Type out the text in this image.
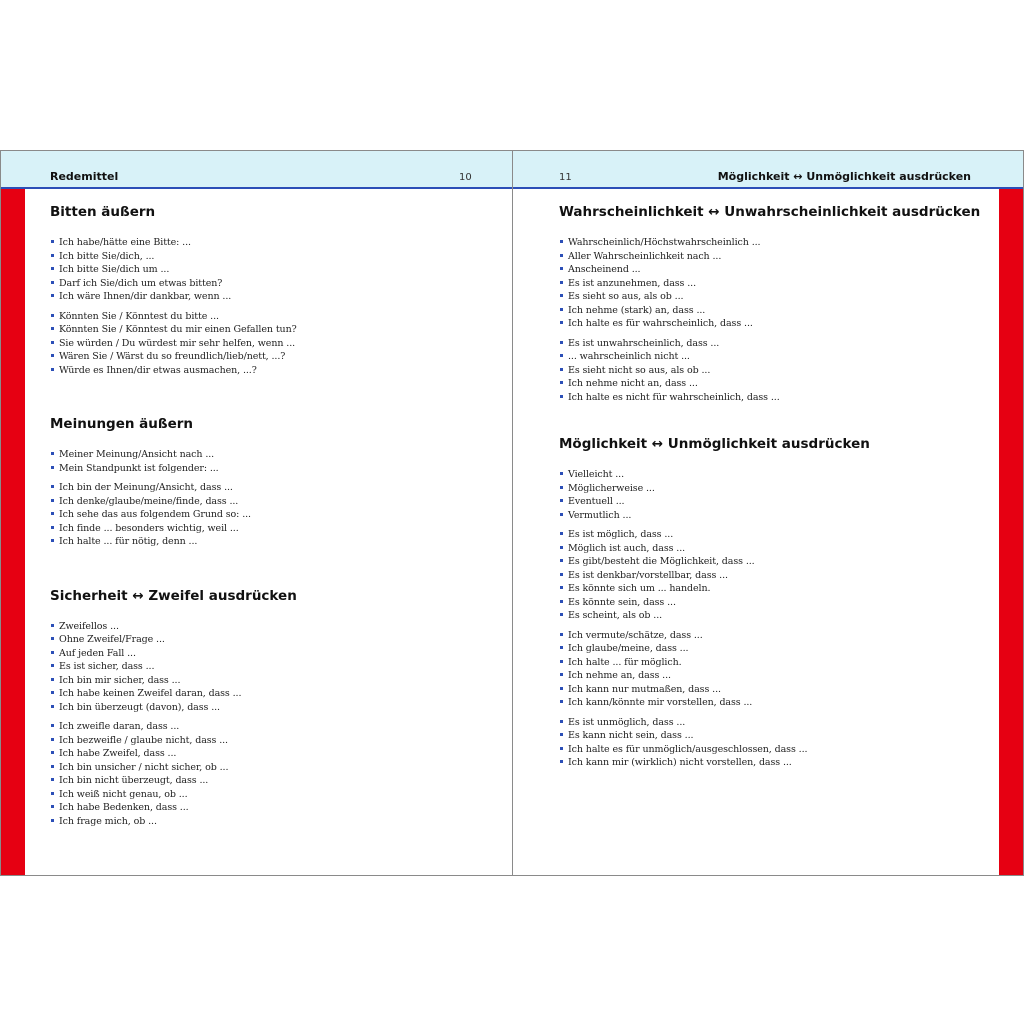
Redemittel	10	11	Möglichkeit ↔ Unmöglichkeit ausdrücken
Bitten äußern
Ich habe/hätte eine Bitte: ...
Ich bitte Sie/dich, ...
Ich bitte Sie/dich um ...
Darf ich Sie/dich um etwas bitten?
Ich wäre Ihnen/dir dankbar, wenn ...
Könnten Sie / Könntest du bitte ...
Könnten Sie / Könntest du mir einen Gefallen tun?
Sie würden / Du würdest mir sehr helfen, wenn ...
Wären Sie / Wärst du so freundlich/lieb/nett, ...?
Würde es Ihnen/dir etwas ausmachen, ...?
Meinungen äußern
Meiner Meinung/Ansicht nach ...
Mein Standpunkt ist folgender: ...
Ich bin der Meinung/Ansicht, dass ...
Ich denke/glaube/meine/finde, dass ...
Ich sehe das aus folgendem Grund so: ...
Ich finde ... besonders wichtig, weil ...
Ich halte ... für nötig, denn ...
Sicherheit ↔ Zweifel ausdrücken
Zweifellos ...
Ohne Zweifel/Frage ...
Auf jeden Fall ...
Es ist sicher, dass ...
Ich bin mir sicher, dass ...
Ich habe keinen Zweifel daran, dass ...
Ich bin überzeugt (davon), dass ...
Ich zweifle daran, dass ...
Ich bezweifle / glaube nicht, dass ...
Ich habe Zweifel, dass ...
Ich bin unsicher / nicht sicher, ob ...
Ich bin nicht überzeugt, dass ...
Ich weiß nicht genau, ob ...
Ich habe Bedenken, dass ...
Ich frage mich, ob ...
Wahrscheinlichkeit ↔ Unwahrscheinlichkeit ausdrücken
Wahrscheinlich/Höchstwahrscheinlich ...
Aller Wahrscheinlichkeit nach ...
Anscheinend ...
Es ist anzunehmen, dass ...
Es sieht so aus, als ob ...
Ich nehme (stark) an, dass ...
Ich halte es für wahrscheinlich, dass ...
Es ist unwahrscheinlich, dass ...
... wahrscheinlich nicht ...
Es sieht nicht so aus, als ob ...
Ich nehme nicht an, dass ...
Ich halte es nicht für wahrscheinlich, dass ...
Möglichkeit ↔ Unmöglichkeit ausdrücken
Vielleicht ...
Möglicherweise ...
Eventuell ...
Vermutlich ...
Es ist möglich, dass ...
Möglich ist auch, dass ...
Es gibt/besteht die Möglichkeit, dass ...
Es ist denkbar/vorstellbar, dass ...
Es könnte sich um ... handeln.
Es könnte sein, dass ...
Es scheint, als ob ...
Ich vermute/schätze, dass ...
Ich glaube/meine, dass ...
Ich halte ... für möglich.
Ich nehme an, dass ...
Ich kann nur mutmaßen, dass ...
Ich kann/könnte mir vorstellen, dass ...
Es ist unmöglich, dass ...
Es kann nicht sein, dass ...
Ich halte es für unmöglich/ausgeschlossen, dass ...
Ich kann mir (wirklich) nicht vorstellen, dass ...
